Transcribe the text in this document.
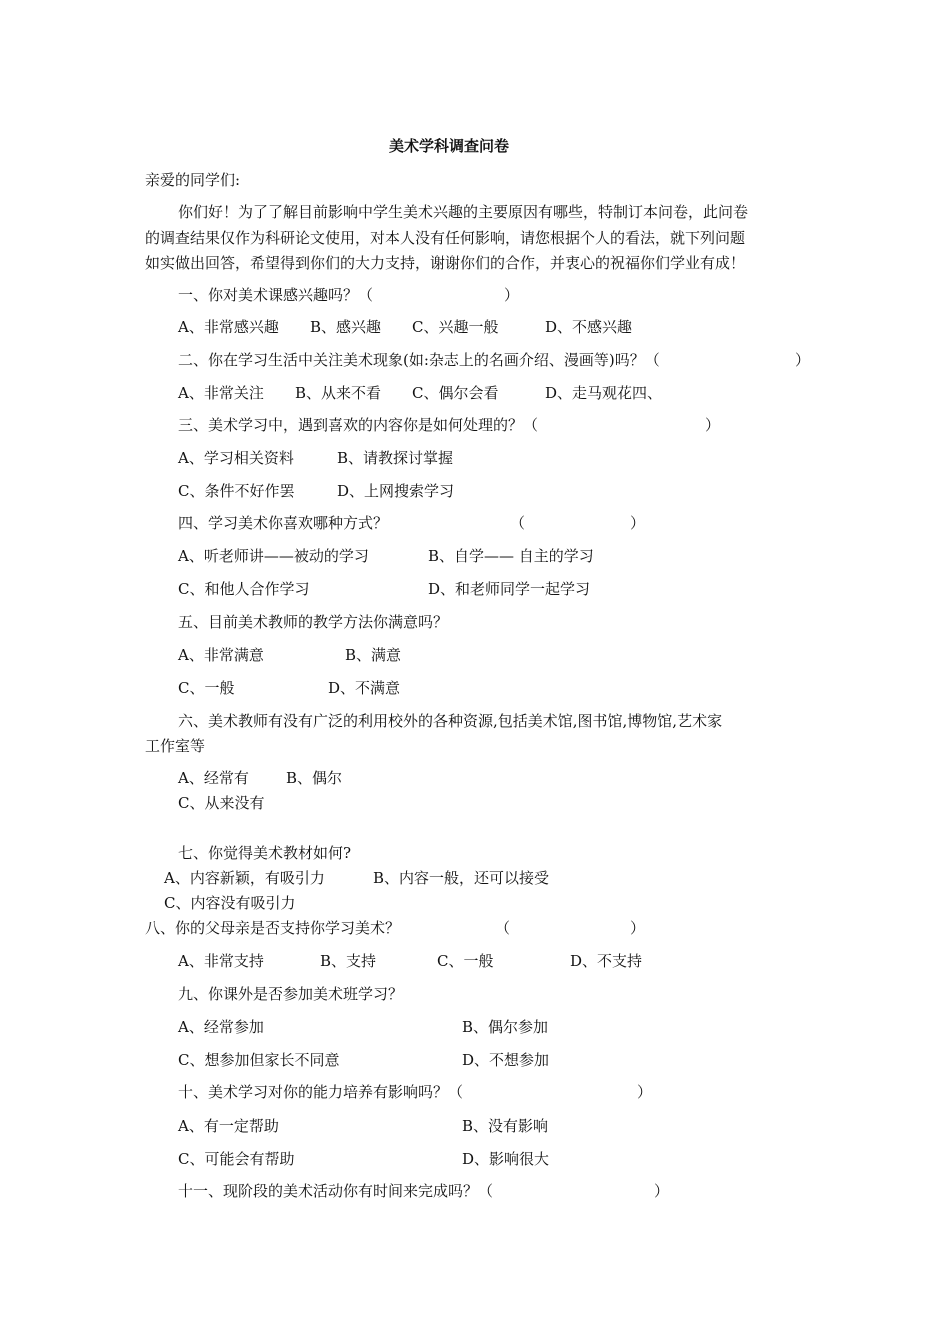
美术学科调查问卷
亲爱的同学们:
你们好！为了了解目前影响中学生美术兴趣的主要原因有哪些，特制订本问卷，此问卷
的调查结果仅作为科研论文使用，对本人没有任何影响，请您根据个人的看法，就下列问题
如实做出回答，希望得到你们的大力支持，谢谢你们的合作，并衷心的祝福你们学业有成！
一、你对美术课感兴趣吗？（	）
A、非常感兴趣 B、感兴趣 C、兴趣一般	D、不感兴趣
二、你在学习生活中关注美术现象(如:杂志上的名画介绍、漫画等)吗？（	）
A、非常关注 B、从来不看 C、偶尔会看	D、走马观花四、
三、美术学习中，遇到喜欢的内容你是如何处理的？（	）
A、学习相关资料	B、请教探讨掌握
C、条件不好作罢	D、上网搜索学习
四、学习美术你喜欢哪种方式？	（	）
A、听老师讲——被动的学习	B、自学—— 自主的学习
C、和他人合作学习	D、和老师同学一起学习
五、目前美术教师的教学方法你满意吗？
A、非常满意	B、满意
C、一般	D、不满意
六、美术教师有没有广泛的利用校外的各种资源,包括美术馆,图书馆,博物馆,艺术家
工作室等
A、经常有 B、偶尔
C、从来没有
七、你觉得美术教材如何?
A、内容新颖，有吸引力	B、内容一般，还可以接受
C、内容没有吸引力
八、你的父母亲是否支持你学习美术？	（	）
A、非常支持	B、支持	C、一般	D、不支持
九、你课外是否参加美术班学习？
A、经常参加	B、偶尔参加
C、想参加但家长不同意	D、不想参加
十、美术学习对你的能力培养有影响吗？（	）
A、有一定帮助	B、没有影响
C、可能会有帮助	D、影响很大
十一、现阶段的美术活动你有时间来完成吗？（	）
